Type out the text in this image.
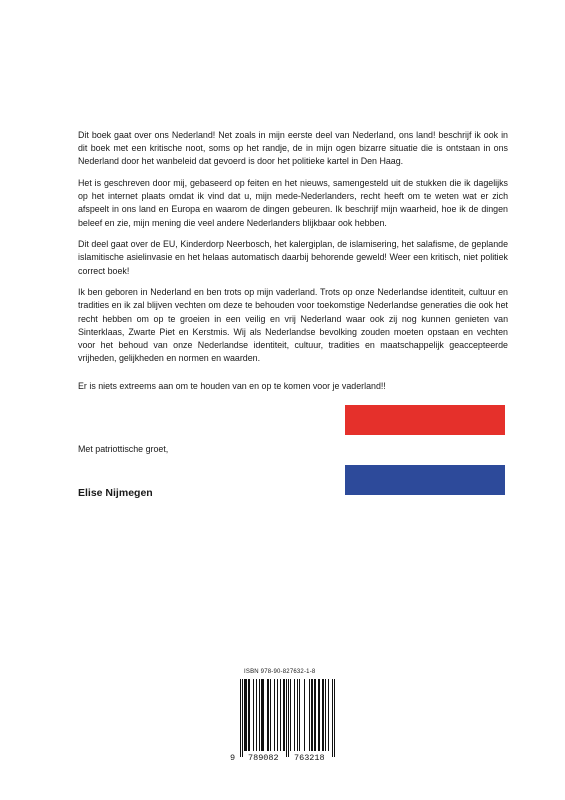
Dit boek gaat over ons Nederland! Net zoals in mijn eerste deel van Nederland, ons land! beschrijf ik ook in dit boek met een kritische noot, soms op het randje, de in mijn ogen bizarre situatie die is ontstaan in ons Nederland door het wanbeleid dat gevoerd is door het politieke kartel in Den Haag.

Het is geschreven door mij, gebaseerd op feiten en het nieuws, samengesteld uit de stukken die ik dagelijks op het internet plaats omdat ik vind dat u, mijn mede-Nederlanders, recht heeft om te weten wat er zich afspeelt in ons land en Europa en waarom de dingen gebeuren. Ik beschrijf mijn waarheid, hoe ik de dingen beleef en zie, mijn mening die veel andere Nederlanders blijkbaar ook hebben.

Dit deel gaat over de EU, Kinderdorp Neerbosch, het kalergiplan, de islamisering, het salafisme, de geplande islamitische asielinvasie en het helaas automatisch daarbij behorende geweld! Weer een kritisch, niet politiek correct boek!

Ik ben geboren in Nederland en ben trots op mijn vaderland. Trots op onze Nederlandse identiteit, cultuur en tradities en ik zal blijven vechten om deze te behouden voor toekomstige Nederlandse generaties die ook het recht hebben om op te groeien in een veilig en vrij Nederland waar ook zij nog kunnen genieten van Sinterklaas, Zwarte Piet en Kerstmis. Wij als Nederlandse bevolking zouden moeten opstaan en vechten voor het behoud van onze Nederlandse identiteit, cultuur, tradities en maatschappelijk geaccepteerde vrijheden, gelijkheden en normen en waarden.

Er is niets extreems aan om te houden van en op te komen voor je vaderland!!
Met patriottische groet,
Elise Nijmegen
ISBN 978-90-827632-1-8
9 789082 763218
